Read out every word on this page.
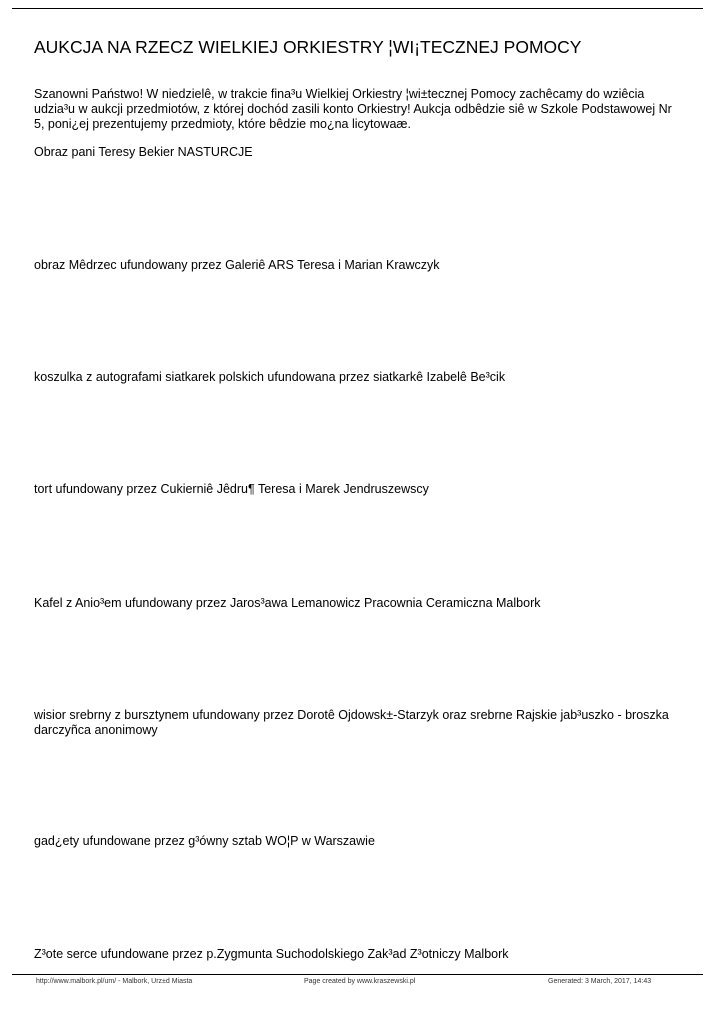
AUKCJA NA RZECZ WIELKIEJ ORKIESTRY ¦WI¡TECZNEJ POMOCY
Szanowni Państwo! W niedzielê, w trakcie fina³u Wielkiej Orkiestry ¦wi±tecznej Pomocy zachêcamy do wziêcia udzia³u w aukcji przedmiotów, z której dochód zasili konto Orkiestry! Aukcja odbêdzie siê w Szkole Podstawowej Nr 5, poni¿ej prezentujemy przedmioty, które bêdzie mo¿na licytowaæ.
Obraz pani Teresy Bekier NASTURCJE
obraz Mêdrzec ufundowany przez Galeriê ARS Teresa i Marian Krawczyk
koszulka z autografami siatkarek polskich ufundowana przez siatkarkê Izabelê Be³cik
tort ufundowany przez Cukierniê Jêdru¶ Teresa i Marek Jendruszewscy
Kafel z Anio³em ufundowany przez Jaros³awa Lemanowicz Pracownia Ceramiczna Malbork
wisior srebrny z bursztynem ufundowany przez Dorotê Ojdowsk±-Starzyk oraz srebrne Rajskie jab³uszko - broszka darczyñca anonimowy
gad¿ety ufundowane przez g³ówny sztab WO¦P w Warszawie
Z³ote serce ufundowane przez p.Zygmunta Suchodolskiego Zak³ad Z³otniczy Malbork
http://www.malbork.pl/um/ - Malbork, Urz±d Miasta	Page created by www.kraszewski.pl	Generated: 3 March, 2017, 14:43
